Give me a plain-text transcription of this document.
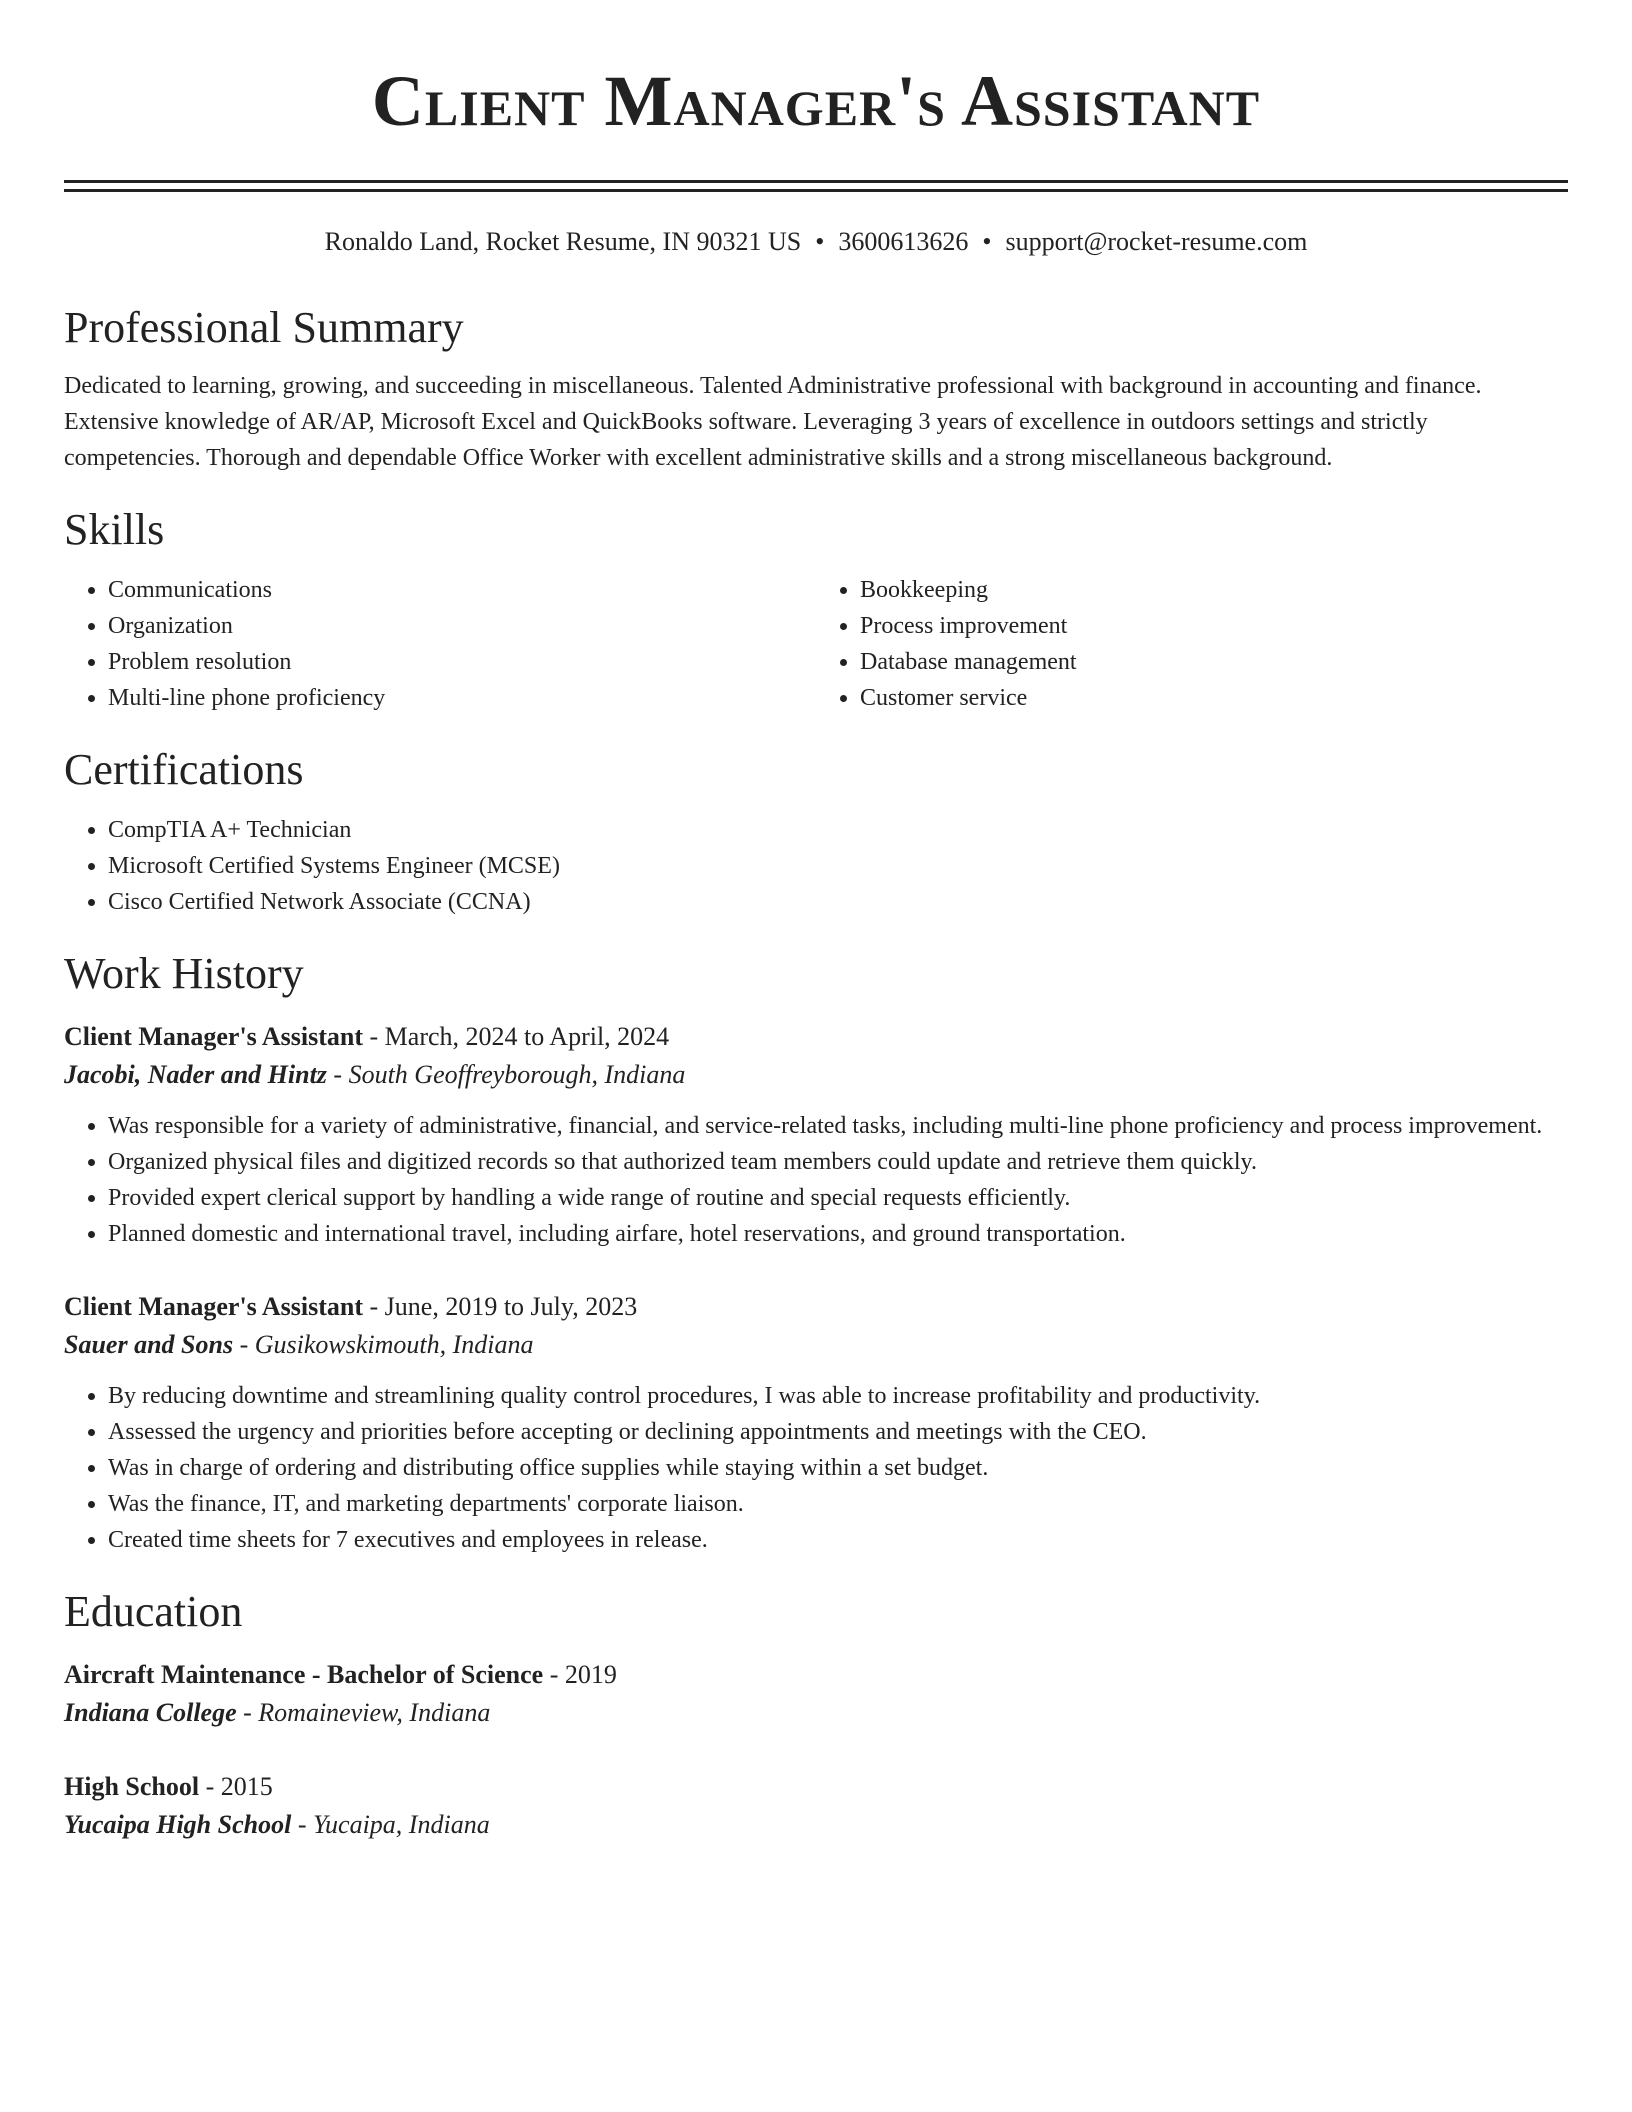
Client Manager's Assistant
Ronaldo Land, Rocket Resume, IN 90321 US • 3600613626 • support@rocket-resume.com
Professional Summary

Dedicated to learning, growing, and succeeding in miscellaneous. Talented Administrative professional with background in accounting and finance. Extensive knowledge of AR/AP, Microsoft Excel and QuickBooks software. Leveraging 3 years of excellence in outdoors settings and strictly competencies. Thorough and dependable Office Worker with excellent administrative skills and a strong miscellaneous background.

Skills
• Communications
• Organization
• Problem resolution
• Multi-line phone proficiency
• Bookkeeping
• Process improvement
• Database management
• Customer service
Certifications
• CompTIA A+ Technician
• Microsoft Certified Systems Engineer (MCSE)
• Cisco Certified Network Associate (CCNA)
Work History
Client Manager's Assistant - March, 2024 to April, 2024
Jacobi, Nader and Hintz - South Geoffreyborough, Indiana
• Was responsible for a variety of administrative, financial, and service-related tasks, including multi-line phone proficiency and process improvement.
• Organized physical files and digitized records so that authorized team members could update and retrieve them quickly.
• Provided expert clerical support by handling a wide range of routine and special requests efficiently.
• Planned domestic and international travel, including airfare, hotel reservations, and ground transportation.
Client Manager's Assistant - June, 2019 to July, 2023
Sauer and Sons - Gusikowskimouth, Indiana
• By reducing downtime and streamlining quality control procedures, I was able to increase profitability and productivity.
• Assessed the urgency and priorities before accepting or declining appointments and meetings with the CEO.
• Was in charge of ordering and distributing office supplies while staying within a set budget.
• Was the finance, IT, and marketing departments' corporate liaison.
• Created time sheets for 7 executives and employees in release.
Education
Aircraft Maintenance - Bachelor of Science - 2019
Indiana College - Romaineview, Indiana
High School - 2015
Yucaipa High School - Yucaipa, Indiana
